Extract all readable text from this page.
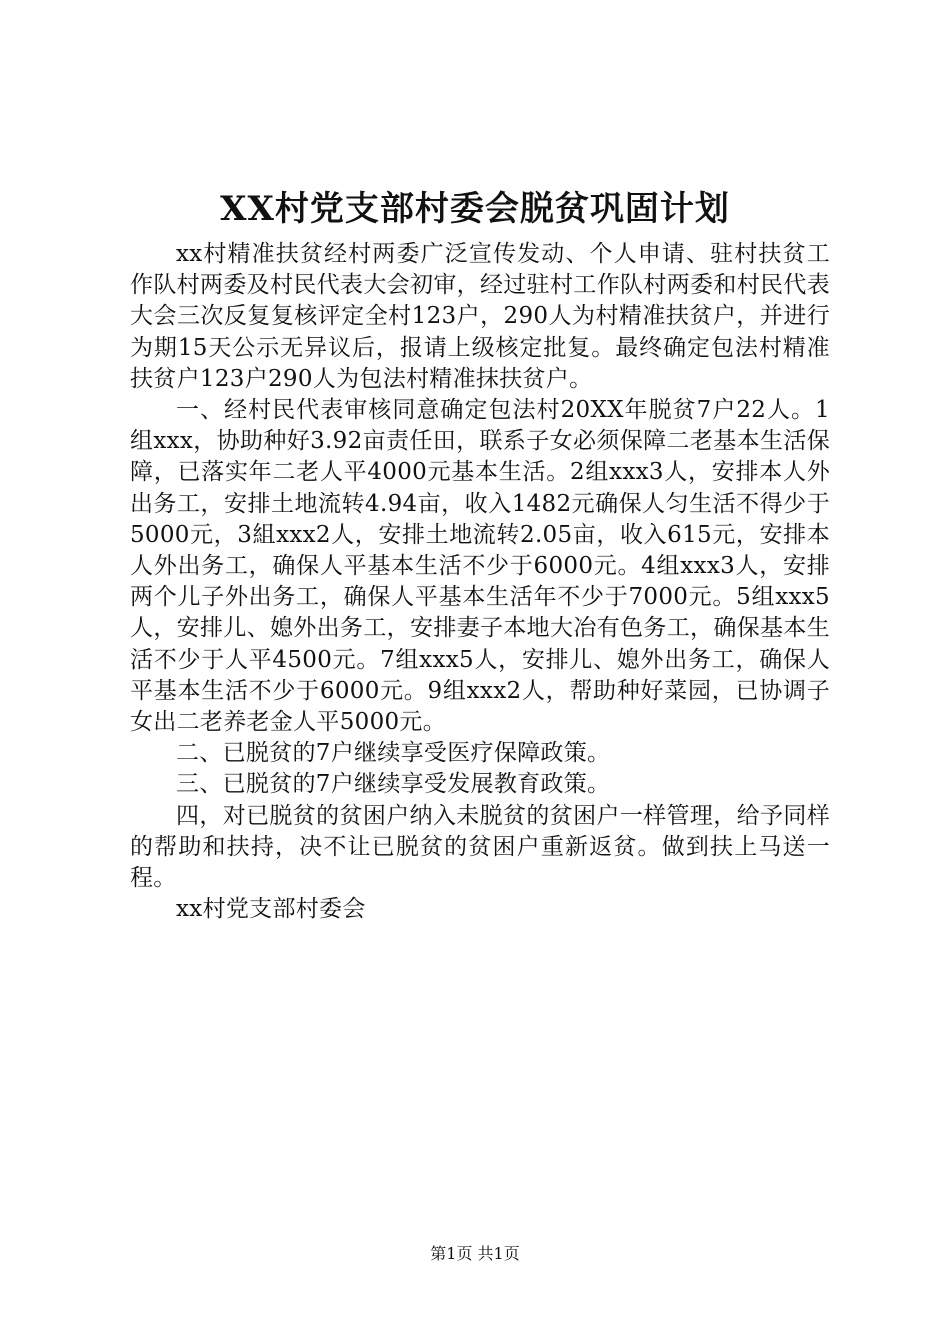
XX村党支部村委会脱贫巩固计划

xx村精准扶贫经村两委广泛宣传发动、个人申请、驻村扶贫工作队村两委及村民代表大会初审，经过驻村工作队村两委和村民代表大会三次反复复核评定全村123户，290人为村精准扶贫户，并进行为期15天公示无异议后，报请上级核定批复。最终确定包法村精准扶贫户123户290人为包法村精准抹扶贫户。

一、经村民代表审核同意确定包法村20XX年脱贫7户22人。1组xxx，协助种好3.92亩责任田，联系子女必须保障二老基本生活保障，已落实年二老人平4000元基本生活。2组xxx3人，安排本人外出务工，安排土地流转4.94亩，收入1482元确保人匀生活不得少于5000元，3組xxx2人，安排土地流转2.05亩，收入615元，安排本人外出务工，确保人平基本生活不少于6000元。4组xxx3人，安排两个儿子外出务工，确保人平基本生活年不少于7000元。5组xxx5人，安排儿、媳外出务工，安排妻子本地大冶有色务工，确保基本生活不少于人平4500元。7组xxx5人，安排儿、媳外出务工，确保人平基本生活不少于6000元。9组xxx2人，帮助种好菜园，已协调子女出二老养老金人平5000元。

二、已脱贫的7户继续享受医疗保障政策。

三、已脱贫的7户继续享受发展教育政策。

四，对已脱贫的贫困户纳入未脱贫的贫困户一样管理，给予同样的帮助和扶持，决不让已脱贫的贫困户重新返贫。做到扶上马送一程。

xx村党支部村委会

第1页 共1页
